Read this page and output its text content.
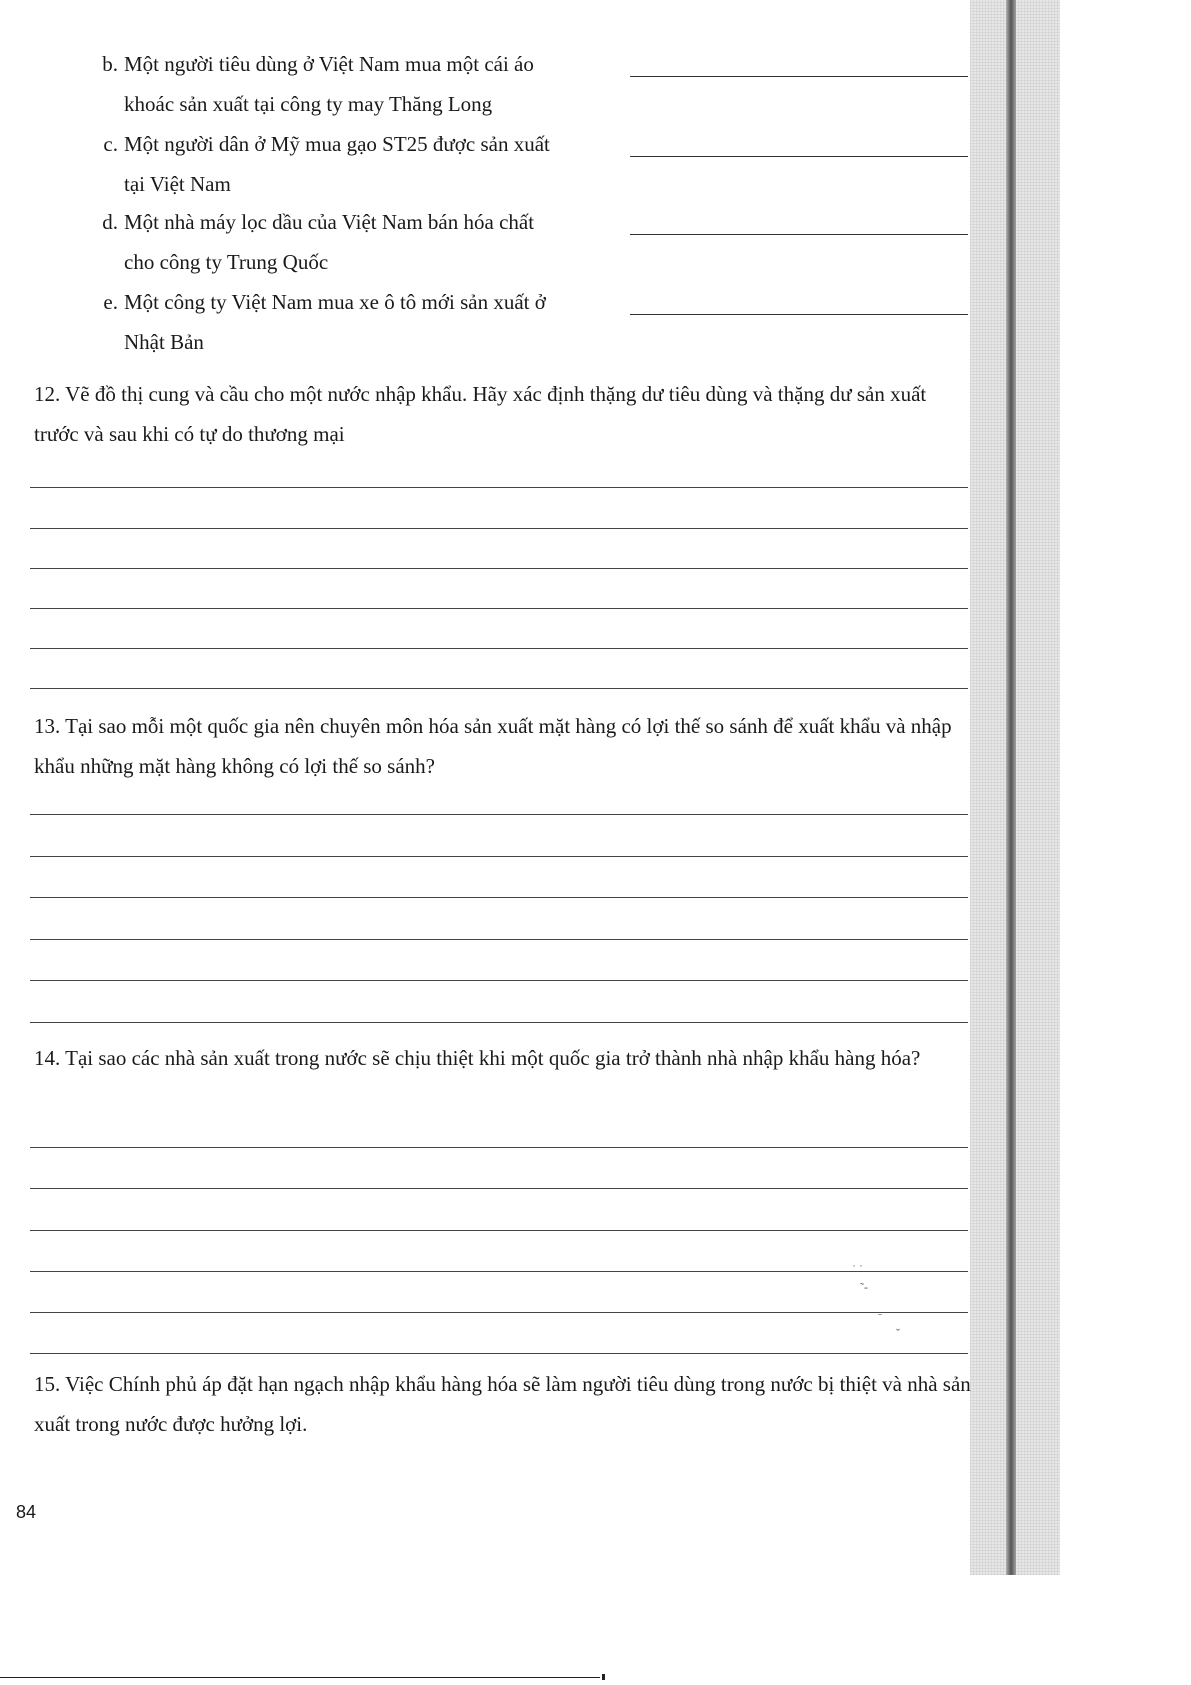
b. Một người tiêu dùng ở Việt Nam mua một cái áo
khoác sản xuất tại công ty may Thăng Long
c. Một người dân ở Mỹ mua gạo ST25 được sản xuất
tại Việt Nam
d. Một nhà máy lọc dầu của Việt Nam bán hóa chất
cho công ty Trung Quốc
e. Một công ty Việt Nam mua xe ô tô mới sản xuất ở
Nhật Bản
12. Vẽ đồ thị cung và cầu cho một nước nhập khẩu. Hãy xác định thặng dư tiêu dùng và thặng dư sản xuất trước và sau khi có tự do thương mại
13. Tại sao mỗi một quốc gia nên chuyên môn hóa sản xuất mặt hàng có lợi thế so sánh để xuất khẩu và nhập khẩu những mặt hàng không có lợi thế so sánh?
14. Tại sao các nhà sản xuất trong nước sẽ chịu thiệt khi một quốc gia trở thành nhà nhập khẩu hàng hóa?
15. Việc Chính phủ áp đặt hạn ngạch nhập khẩu hàng hóa sẽ làm người tiêu dùng trong nước bị thiệt và nhà sản xuất trong nước được hưởng lợi.
˙ ˙
˜-
ˍ
ˇ
84
